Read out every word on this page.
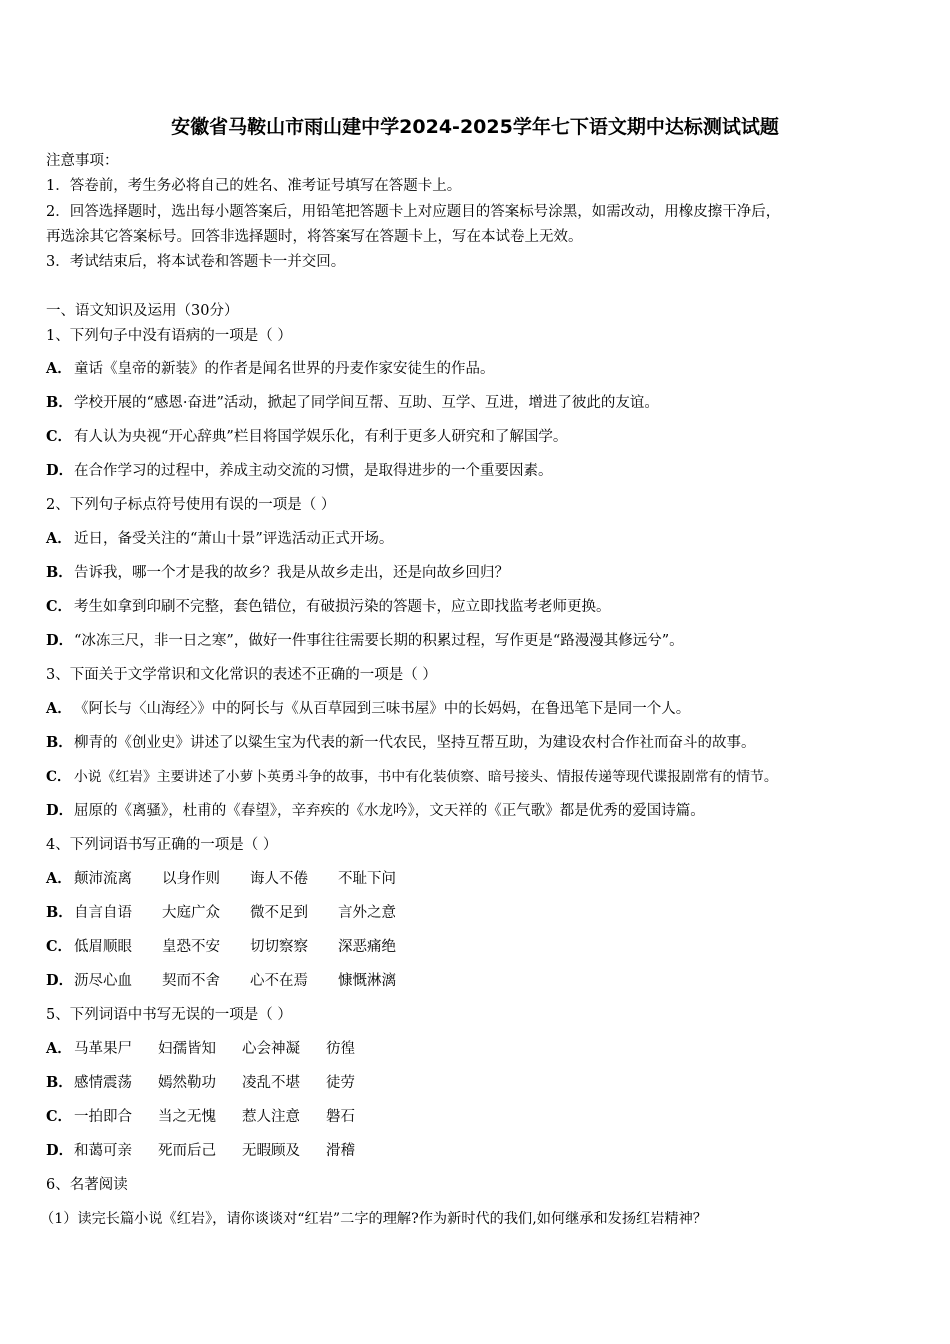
安徽省马鞍山市雨山建中学2024-2025学年七下语文期中达标测试试题
注意事项：
1．答卷前，考生务必将自己的姓名、准考证号填写在答题卡上。
2．回答选择题时，选出每小题答案后，用铅笔把答题卡上对应题目的答案标号涂黑，如需改动，用橡皮擦干净后，
再选涂其它答案标号。回答非选择题时，将答案写在答题卡上，写在本试卷上无效。
3．考试结束后，将本试卷和答题卡一并交回。
一、语文知识及运用（30分）
1、下列句子中没有语病的一项是（ ）
A． 童话《皇帝的新装》的作者是闻名世界的丹麦作家安徒生的作品。
B．学校开展的“感恩·奋进”活动，掀起了同学间互帮、互助、互学、互进，增进了彼此的友谊。
C． 有人认为央视“开心辞典”栏目将国学娱乐化，有利于更多人研究和了解国学。
D．在合作学习的过程中，养成主动交流的习惯，是取得进步的一个重要因素。
2、下列句子标点符号使用有误的一项是（ ）
A． 近日，备受关注的“萧山十景”评选活动正式开场。
B．告诉我，哪一个才是我的故乡？我是从故乡走出，还是向故乡回归？
C． 考生如拿到印刷不完整，套色错位，有破损污染的答题卡，应立即找监考老师更换。
D．“冰冻三尺，非一日之寒”，做好一件事往往需要长期的积累过程，写作更是“路漫漫其修远兮”。
3、下面关于文学常识和文化常识的表述不正确的一项是（ ）
A． 《阿长与〈山海经〉》中的阿长与《从百草园到三味书屋》中的长妈妈，在鲁迅笔下是同一个人。
B．柳青的《创业史》讲述了以粱生宝为代表的新一代农民，坚持互帮互助，为建设农村合作社而奋斗的故事。
C． 小说《红岩》主要讲述了小萝卜英勇斗争的故事，书中有化装侦察、暗号接头、情报传递等现代谍报剧常有的情节。
D．屈原的《离骚》，杜甫的《春望》，辛弃疾的《水龙吟》，文天祥的《正气歌》都是优秀的爱国诗篇。
4、下列词语书写正确的一项是（ ）
A． 颠沛流离 以身作则 诲人不倦 不耻下问
B．自言自语 大庭广众 微不足到 言外之意
C． 低眉顺眼 皇恐不安 切切察察 深恶痛绝
D．沥尽心血 契而不舍 心不在焉 慷慨淋漓
5、下列词语中书写无误的一项是（ ）
A． 马革果尸 妇孺皆知 心会神凝 彷徨
B．感情震荡 嫣然勒功 凌乱不堪 徒劳
C． 一拍即合 当之无愧 惹人注意 磐石
D．和蔼可亲 死而后己 无暇顾及 滑稽
6、名著阅读
（1）读完长篇小说《红岩》，请你谈谈对“红岩”二字的理解?作为新时代的我们,如何继承和发扬红岩精神？
